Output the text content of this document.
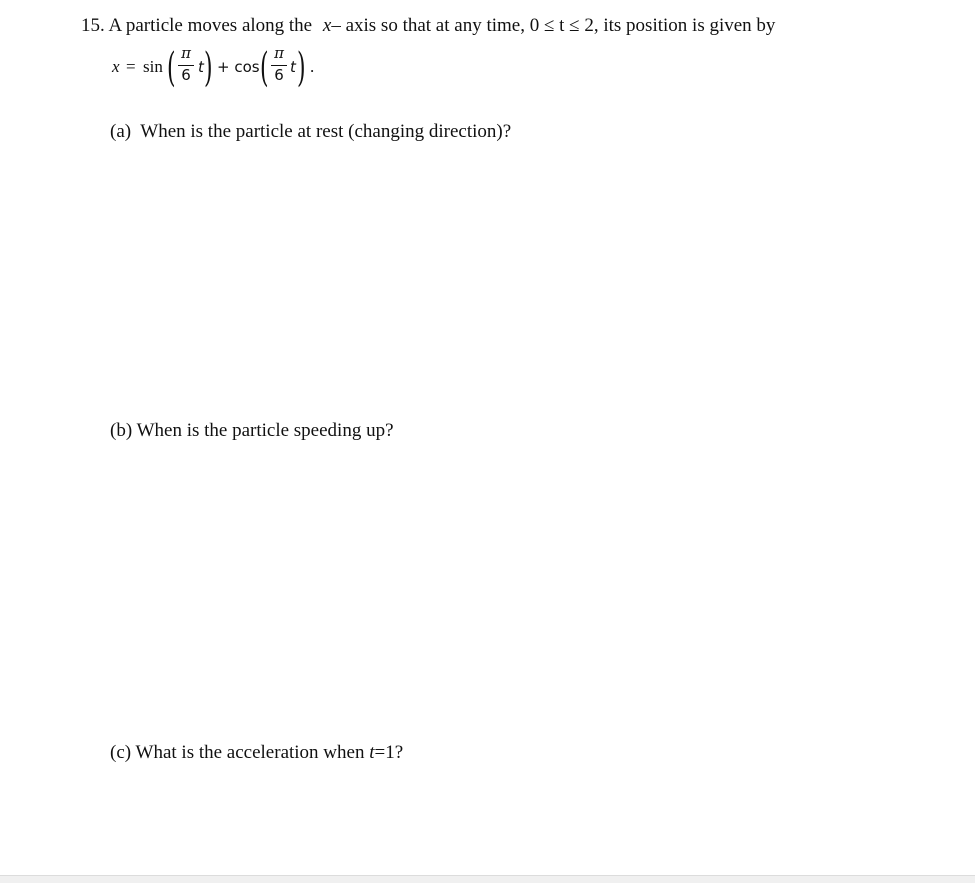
15. A particle moves along the x– axis so that at any time, 0 ≤ t ≤ 2, its position is given by
x = sin ( π
6 t ) + cos ( π
6 t ) .
(a) When is the particle at rest (changing direction)?
(b) When is the particle speeding up?
(c) What is the acceleration when t=1?
